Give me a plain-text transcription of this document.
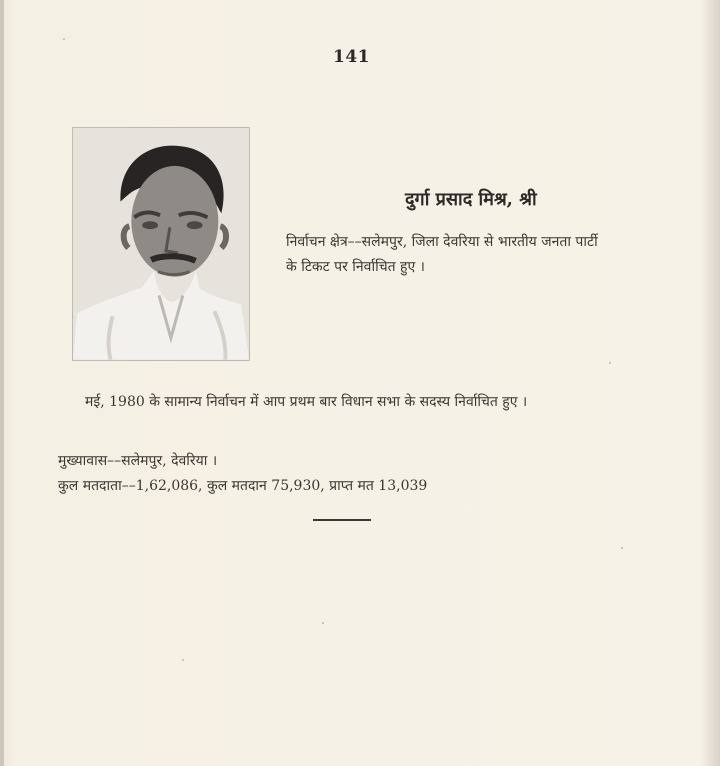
141
दुर्गा प्रसाद मिश्र, श्री
निर्वाचन क्षेत्र––सलेमपुर, जिला देवरिया से भारतीय जनता पार्टी के टिकट पर निर्वाचित हुए ।

मई, 1980 के सामान्य निर्वाचन में आप प्रथम बार विधान सभा के सदस्य निर्वाचित हुए ।

मुख्यावास––सलेमपुर, देवरिया ।
कुल मतदाता––1,62,086, कुल मतदान 75,930, प्राप्त मत 13,039
